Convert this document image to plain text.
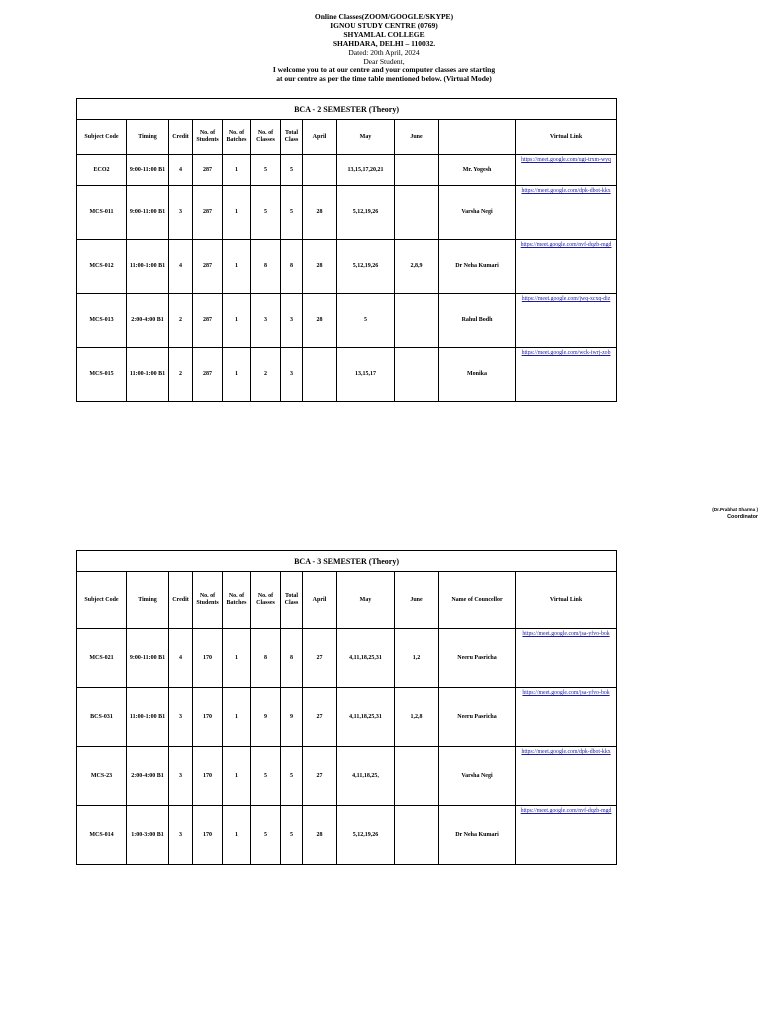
Online Classes(ZOOM/GOOGLE/SKYPE)
IGNOU STUDY CENTRE (0769)
SHYAMLAL COLLEGE
SHAHDARA, DELHI – 110032.
Dated: 20th April, 2024
Dear Student,
I welcome you to at our centre and your computer classes are starting
at our centre as per the time table mentioned below. (Virtual Mode)
BCA - 2 SEMESTER (Theory)											
Subject Code	Timing	Credit	No. of Students	No. of Batches	No. of Classes	Total Class	April	May	June		Virtual Link
ECO2	9:00-11:00 B1	4	287	1	5	5		13,15,17,20,21		Mr. Yogesh	https://meet.google.com/ugt-trxm-wyq
MCS-011	9:00-11:00 B1	3	287	1	5	5	28	5,12,19,26		Varsha Negi	https://meet.google.com/dpk-dbot-kkx
MCS-012	11:00-1:00 B1	4	287	1	8	8	28	5,12,19,26	2,8,9	Dr Neha Kumari	https://meet.google.com/nvf-dqzb-mgd
MCS-013	2:00-4:00 B1	2	287	1	3	3	28	5		Rahul Bodh	https://meet.google.com/jwq-xcxq-diz
MCS-015	11:00-1:00 B1	2	287	1	2	3		13,15,17		Monika	https://meet.google.com/wck-iwrj-zob
(Dr.Prabhat Sharma )
Coordinator
BCA - 3 SEMESTER (Theory)											
Subject Code	Timing	Credit	No. of Students	No. of Batches	No. of Classes	Total Class	April	May	June	Name of Councellor	Virtual Link
MCS-021	9:00-11:00 B1	4	170	1	8	8	27	4,11,18,25,31	1,2	Neeru Pasricha	https://meet.google.com/jsa-yfvo-bok
BCS-031	11:00-1:00 B1	3	170	1	9	9	27	4,11,18,25,31	1,2,8	Neeru Pasricha	https://meet.google.com/jsa-yfvo-bok
MCS-23	2:00-4:00 B1	3	170	1	5	5	27	4,11,18,25,		Varsha Negi	https://meet.google.com/dpk-dbot-kkx
MCS-014	1:00-3:00 B1	3	170	1	5	5	28	5,12,19,26		Dr Neha Kumari	https://meet.google.com/nvf-dqzb-mgd
